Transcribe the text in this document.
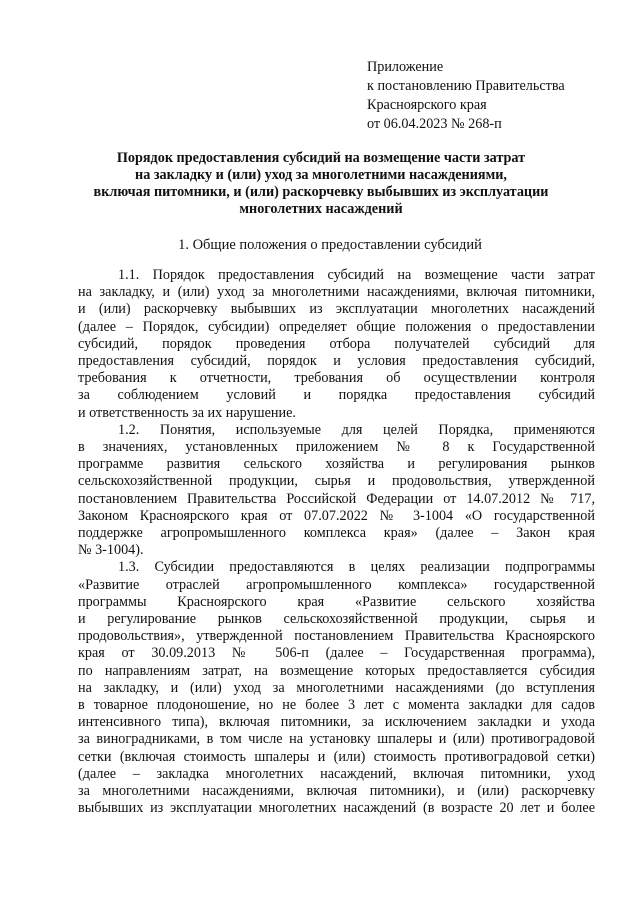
Приложение
к постановлению Правительства
Красноярского края
от 06.04.2023 № 268-п
Порядок предоставления субсидий на возмещение части затрат
на закладку и (или) уход за многолетними насаждениями,
включая питомники, и (или) раскорчевку выбывших из эксплуатации
многолетних насаждений
1. Общие положения о предоставлении субсидий
1.1. Порядок предоставления субсидий на возмещение части затрат
на закладку, и (или) уход за многолетними насаждениями, включая питомники,
и (или) раскорчевку выбывших из эксплуатации многолетних насаждений
(далее – Порядок, субсидии) определяет общие положения о предоставлении
субсидий, порядок проведения отбора получателей субсидий для
предоставления субсидий, порядок и условия предоставления субсидий,
требования к отчетности, требования об осуществлении контроля
за соблюдением условий и порядка предоставления субсидий
и ответственность за их нарушение.
1.2. Понятия, используемые для целей Порядка, применяются
в значениях, установленных приложением № 8 к Государственной
программе развития сельского хозяйства и регулирования рынков
сельскохозяйственной продукции, сырья и продовольствия, утвержденной
постановлением Правительства Российской Федерации от 14.07.2012 № 717,
Законом Красноярского края от 07.07.2022 № 3-1004 «О государственной
поддержке агропромышленного комплекса края» (далее – Закон края
№ 3-1004).
1.3. Субсидии предоставляются в целях реализации подпрограммы
«Развитие отраслей агропромышленного комплекса» государственной
программы Красноярского края «Развитие сельского хозяйства
и регулирование рынков сельскохозяйственной продукции, сырья и
продовольствия», утвержденной постановлением Правительства Красноярского
края от 30.09.2013 № 506-п (далее – Государственная программа),
по направлениям затрат, на возмещение которых предоставляется субсидия
на закладку, и (или) уход за многолетними насаждениями (до вступления
в товарное плодоношение, но не более 3 лет с момента закладки для садов
интенсивного типа), включая питомники, за исключением закладки и ухода
за виноградниками, в том числе на установку шпалеры и (или) противоградовой
сетки (включая стоимость шпалеры и (или) стоимость противоградовой сетки)
(далее – закладка многолетних насаждений, включая питомники, уход
за многолетними насаждениями, включая питомники), и (или) раскорчевку
выбывших из эксплуатации многолетних насаждений (в возрасте 20 лет и более
